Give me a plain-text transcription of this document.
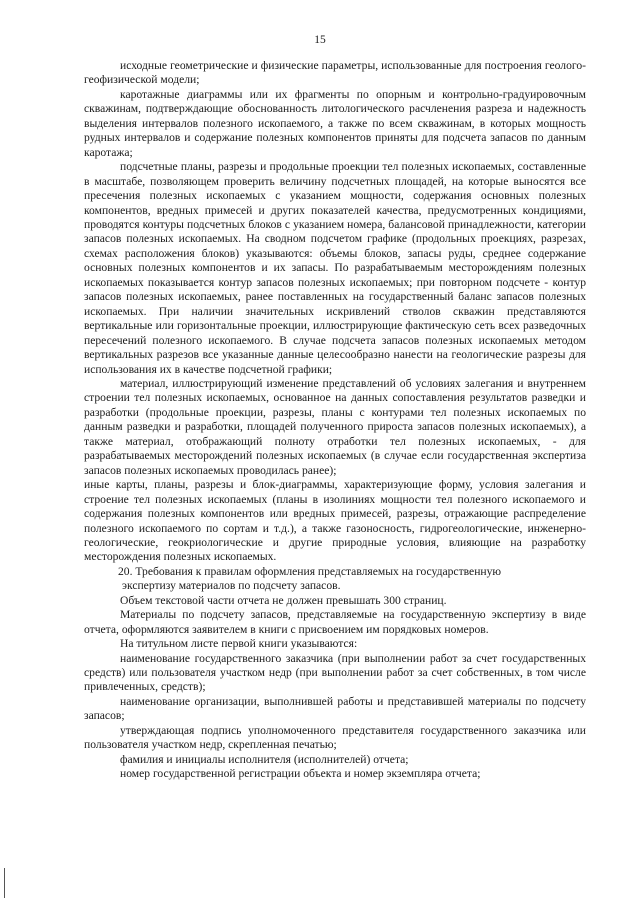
15

исходные геометрические и физические параметры, использованные для построения геолого-геофизической модели;

каротажные диаграммы или их фрагменты по опорным и контрольно-градуировочным скважинам, подтверждающие обоснованность литологического расчленения разреза и надежность выделения интервалов полезного ископаемого, а также по всем скважинам, в которых мощность рудных интервалов и содержание полезных компонентов приняты для подсчета запасов по данным каротажа;

подсчетные планы, разрезы и продольные проекции тел полезных ископаемых, составленные в масштабе, позволяющем проверить величину подсчетных площадей, на которые выносятся все пресечения полезных ископаемых с указанием мощности, содержания основных полезных компонентов, вредных примесей и других показателей качества, предусмотренных кондициями, проводятся контуры подсчетных блоков с указанием номера, балансовой принадлежности, категории запасов полезных ископаемых. На сводном подсчетом графике (продольных проекциях, разрезах, схемах расположения блоков) указываются: объемы блоков, запасы руды, среднее содержание основных полезных компонентов и их запасы. По разрабатываемым месторождениям полезных ископаемых показывается контур запасов полезных ископаемых; при повторном подсчете - контур запасов полезных ископаемых, ранее поставленных на государственный баланс запасов полезных ископаемых. При наличии значительных искривлений стволов скважин представляются вертикальные или горизонтальные проекции, иллюстрирующие фактическую сеть всех разведочных пересечений полезного ископаемого. В случае подсчета запасов полезных ископаемых методом вертикальных разрезов все указанные данные целесообразно нанести на геологические разрезы для использования их в качестве подсчетной графики;

материал, иллюстрирующий изменение представлений об условиях залегания и внутреннем строении тел полезных ископаемых, основанное на данных сопоставления результатов разведки и разработки (продольные проекции, разрезы, планы с контурами тел полезных ископаемых по данным разведки и разработки, площадей полученного прироста запасов полезных ископаемых), а также материал, отображающий полноту отработки тел полезных ископаемых, - для разрабатываемых месторождений полезных ископаемых (в случае если государственная экспертиза запасов полезных ископаемых проводилась ранее);

иные карты, планы, разрезы и блок-диаграммы, характеризующие форму, условия залегания и строение тел полезных ископаемых (планы в изолиниях мощности тел полезного ископаемого и содержания полезных компонентов или вредных примесей, разрезы, отражающие распределение полезного ископаемого по сортам и т.д.), а также газоносность, гидрогеологические, инженерно-геологические, геокриологические и другие природные условия, влияющие на разработку месторождения полезных ископаемых.

20. Требования к правилам оформления представляемых на государственную

экспертизу материалов по подсчету запасов.

Объем текстовой части отчета не должен превышать 300 страниц.

Материалы по подсчету запасов, представляемые на государственную экспертизу в виде отчета, оформляются заявителем в книги с присвоением им порядковых номеров.

На титульном листе первой книги указываются:

наименование государственного заказчика (при выполнении работ за счет государственных средств) или пользователя участком недр (при выполнении работ за счет собственных, в том числе привлеченных, средств);

наименование организации, выполнившей работы и представившей материалы по подсчету запасов;

утверждающая подпись уполномоченного представителя государственного заказчика или пользователя участком недр, скрепленная печатью;

фамилия и инициалы исполнителя (исполнителей) отчета;

номер государственной регистрации объекта и номер экземпляра отчета;
